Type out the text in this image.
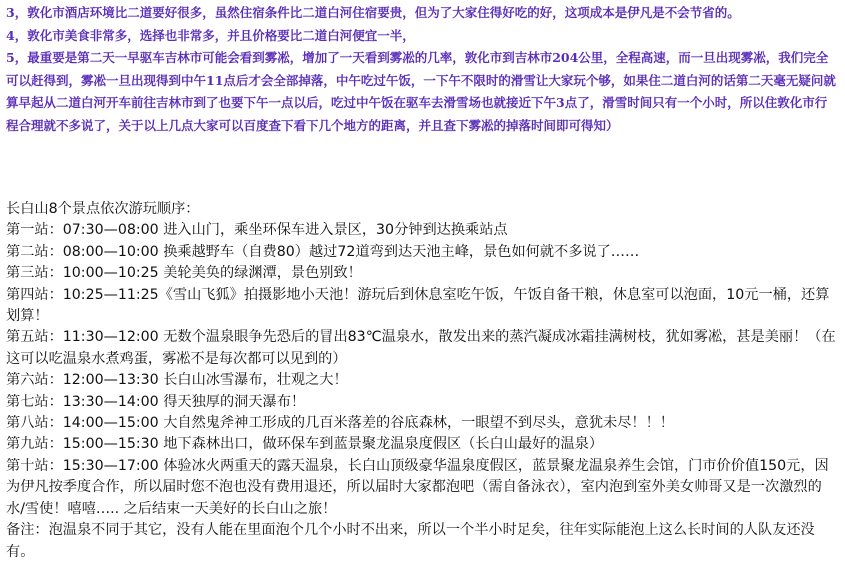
3，敦化市酒店环境比二道要好很多，虽然住宿条件比二道白河住宿要贵，但为了大家住得好吃的好，这项成本是伊凡是不会节省的。

4，敦化市美食非常多，选择也非常多，并且价格要比二道白河便宜一半，

5，最重要是第二天一早驱车吉林市可能会看到雾凇，增加了一天看到雾凇的几率，敦化市到吉林市204公里，全程高速，而一旦出现雾凇，我们完全可以赶得到，雾凇一旦出现得到中午11点后才会全部掉落，中午吃过午饭，一下午不限时的滑雪让大家玩个够，如果住二道白河的话第二天毫无疑问就算早起从二道白河开车前往吉林市到了也要下午一点以后，吃过中午饭在驱车去滑雪场也就接近下午3点了，滑雪时间只有一个小时，所以住敦化市行程合理就不多说了，关于以上几点大家可以百度查下看下几个地方的距离，并且查下雾凇的掉落时间即可得知）

长白山8个景点依次游玩顺序：

第一站：07:30—08:00 进入山门，乘坐环保车进入景区，30分钟到达换乘站点

第二站：08:00—10:00 换乘越野车（自费80）越过72道弯到达天池主峰，景色如何就不多说了……

第三站：10:00—10:25 美轮美奂的绿渊潭，景色别致！

第四站：10:25—11:25《雪山飞狐》拍摄影地小天池！游玩后到休息室吃午饭，午饭自备干粮，休息室可以泡面，10元一桶，还算划算！

第五站：11:30—12:00 无数个温泉眼争先恐后的冒出83℃温泉水，散发出来的蒸汽凝成冰霜挂满树枝，犹如雾凇，甚是美丽！（在这可以吃温泉水煮鸡蛋，雾凇不是每次都可以见到的）

第六站：12:00—13:30 长白山冰雪瀑布，壮观之大！

第七站：13:30—14:00 得天独厚的洞天瀑布！

第八站：14:00—15:00 大自然鬼斧神工形成的几百米落差的谷底森林，一眼望不到尽头，意犹未尽！！！

第九站：15:00—15:30 地下森林出口，做环保车到蓝景聚龙温泉度假区（长白山最好的温泉）

第十站：15:30—17:00 体验冰火两重天的露天温泉，长白山顶级豪华温泉度假区，蓝景聚龙温泉养生会馆，门市价价值150元，因为伊凡按季度合作，所以届时您不泡也没有费用退还，所以届时大家都泡吧（需自备泳衣），室内泡到室外美女帅哥又是一次激烈的水/雪使！嘻嘻….. 之后结束一天美好的长白山之旅！

备注：泡温泉不同于其它，没有人能在里面泡个几个小时不出来，所以一个半小时足矣，往年实际能泡上这么长时间的人队友还没有。
